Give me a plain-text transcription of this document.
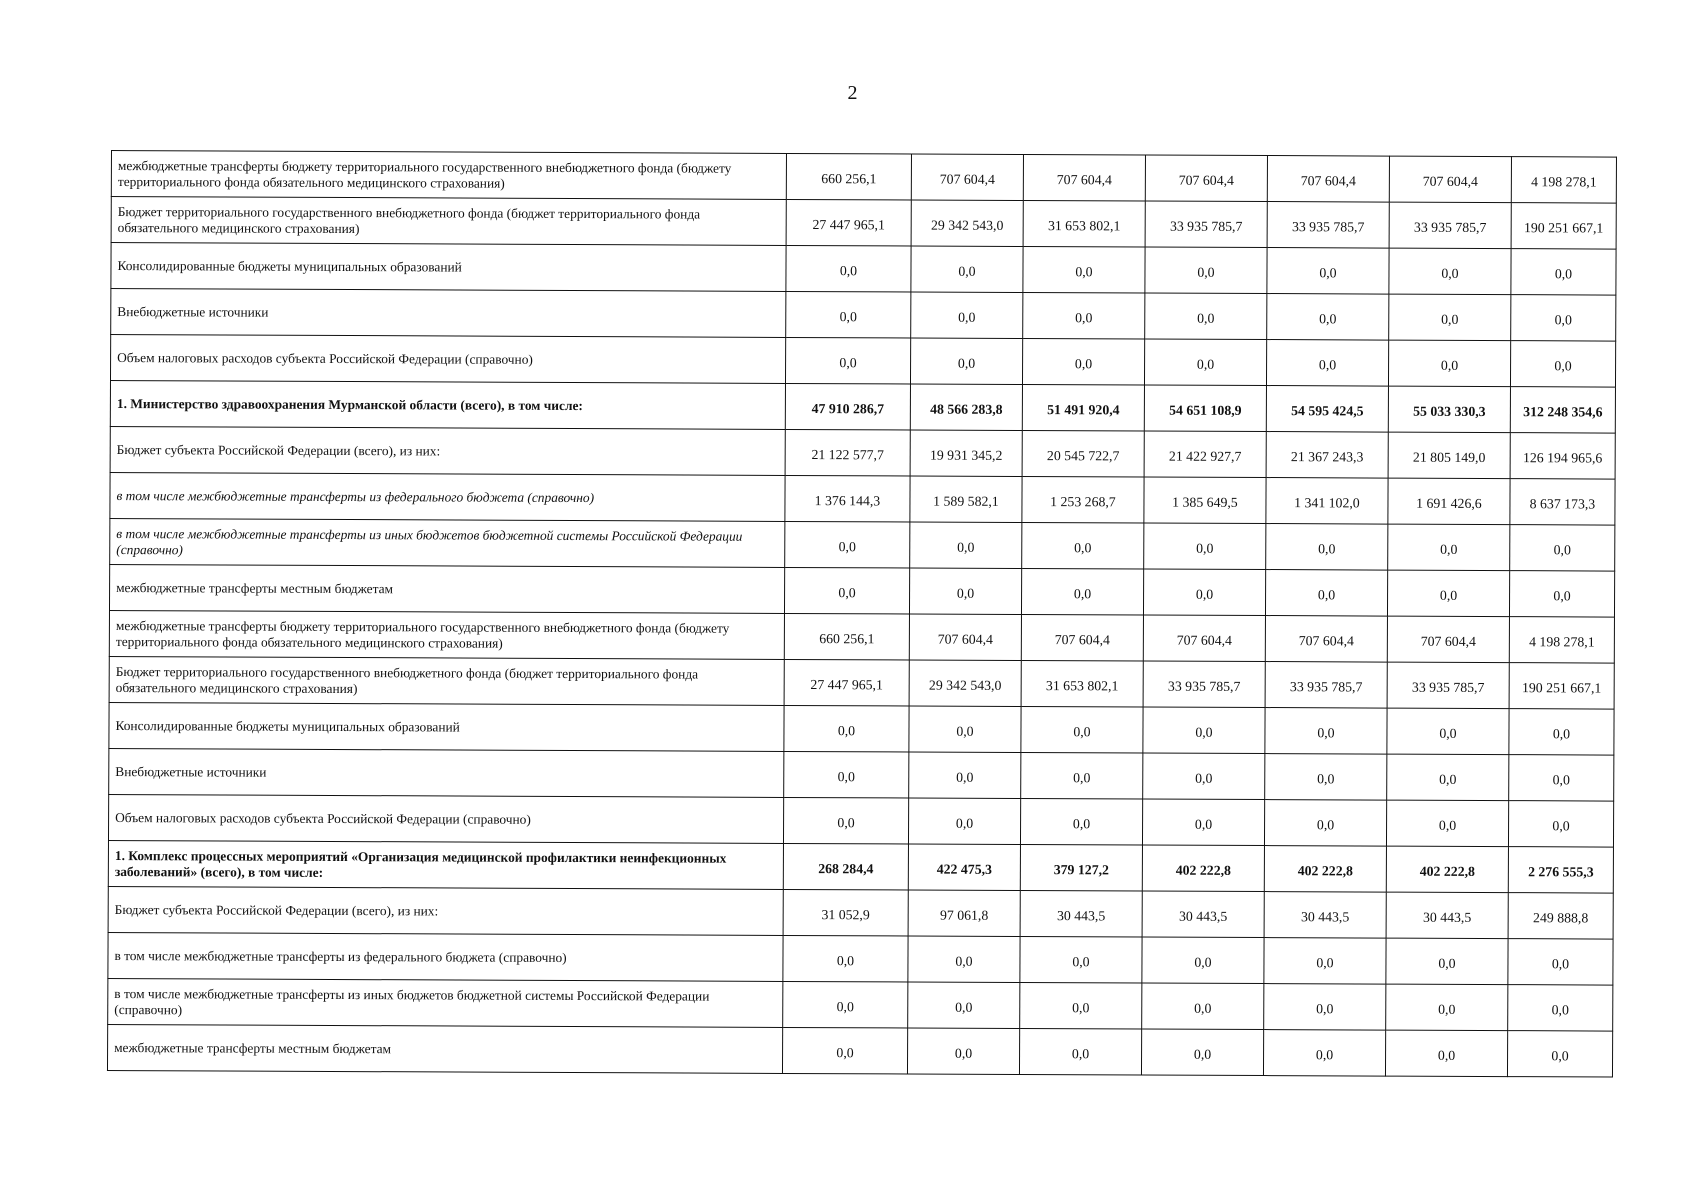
2
межбюджетные трансферты бюджету территориального государственного внебюджетного фонда (бюджету территориального фонда обязательного медицинского страхования)	660 256,1	707 604,4	707 604,4	707 604,4	707 604,4	707 604,4	4 198 278,1
Бюджет территориального государственного внебюджетного фонда (бюджет территориального фонда обязательного медицинского страхования)	27 447 965,1	29 342 543,0	31 653 802,1	33 935 785,7	33 935 785,7	33 935 785,7	190 251 667,1
Консолидированные бюджеты муниципальных образований	0,0	0,0	0,0	0,0	0,0	0,0	0,0
Внебюджетные источники	0,0	0,0	0,0	0,0	0,0	0,0	0,0
Объем налоговых расходов субъекта Российской Федерации (справочно)	0,0	0,0	0,0	0,0	0,0	0,0	0,0
1. Министерство здравоохранения Мурманской области (всего), в том числе:	47 910 286,7	48 566 283,8	51 491 920,4	54 651 108,9	54 595 424,5	55 033 330,3	312 248 354,6
Бюджет субъекта Российской Федерации (всего), из них:	21 122 577,7	19 931 345,2	20 545 722,7	21 422 927,7	21 367 243,3	21 805 149,0	126 194 965,6
в том числе межбюджетные трансферты из федерального бюджета (справочно)	1 376 144,3	1 589 582,1	1 253 268,7	1 385 649,5	1 341 102,0	1 691 426,6	8 637 173,3
в том числе межбюджетные трансферты из иных бюджетов бюджетной системы Российской Федерации (справочно)	0,0	0,0	0,0	0,0	0,0	0,0	0,0
межбюджетные трансферты местным бюджетам	0,0	0,0	0,0	0,0	0,0	0,0	0,0
межбюджетные трансферты бюджету территориального государственного внебюджетного фонда (бюджету территориального фонда обязательного медицинского страхования)	660 256,1	707 604,4	707 604,4	707 604,4	707 604,4	707 604,4	4 198 278,1
Бюджет территориального государственного внебюджетного фонда (бюджет территориального фонда обязательного медицинского страхования)	27 447 965,1	29 342 543,0	31 653 802,1	33 935 785,7	33 935 785,7	33 935 785,7	190 251 667,1
Консолидированные бюджеты муниципальных образований	0,0	0,0	0,0	0,0	0,0	0,0	0,0
Внебюджетные источники	0,0	0,0	0,0	0,0	0,0	0,0	0,0
Объем налоговых расходов субъекта Российской Федерации (справочно)	0,0	0,0	0,0	0,0	0,0	0,0	0,0
1. Комплекс процессных мероприятий «Организация медицинской профилактики неинфекционных заболеваний» (всего), в том числе:	268 284,4	422 475,3	379 127,2	402 222,8	402 222,8	402 222,8	2 276 555,3
Бюджет субъекта Российской Федерации (всего), из них:	31 052,9	97 061,8	30 443,5	30 443,5	30 443,5	30 443,5	249 888,8
в том числе межбюджетные трансферты из федерального бюджета (справочно)	0,0	0,0	0,0	0,0	0,0	0,0	0,0
в том числе межбюджетные трансферты из иных бюджетов бюджетной системы Российской Федерации (справочно)	0,0	0,0	0,0	0,0	0,0	0,0	0,0
межбюджетные трансферты местным бюджетам	0,0	0,0	0,0	0,0	0,0	0,0	0,0
